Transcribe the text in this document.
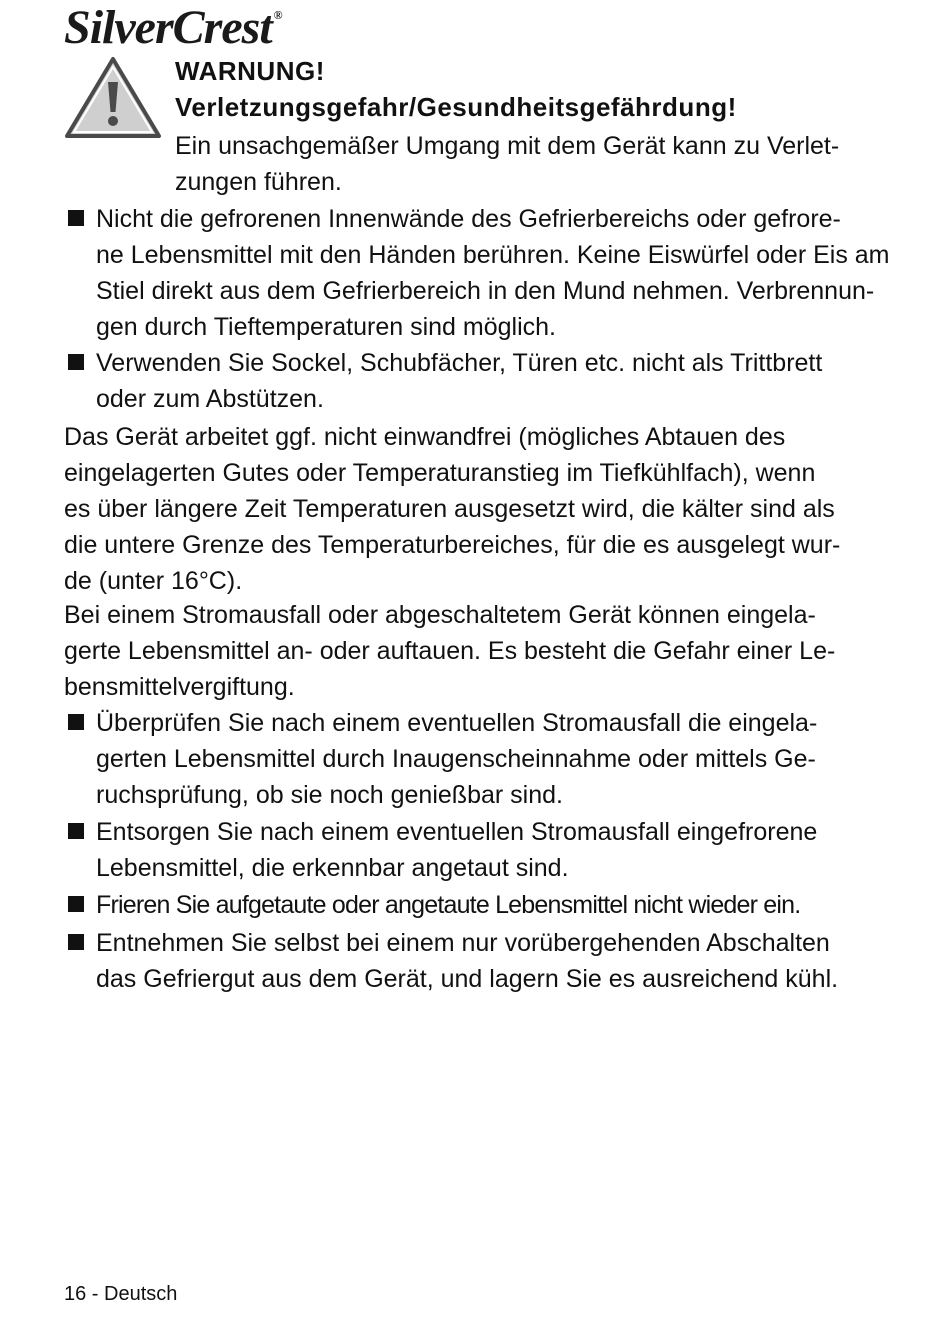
SilverCrest ®
WARNUNG!
Verletzungsgefahr/Gesundheitsgefährdung!
Ein unsachgemäßer Umgang mit dem Gerät kann zu Verlet-
zungen führen.
Nicht die gefrorenen Innenwände des Gefrierbereichs oder gefrore-
ne Lebensmittel mit den Händen berühren. Keine Eiswürfel oder Eis am
Stiel direkt aus dem Gefrierbereich in den Mund nehmen. Verbrennun-
gen durch Tieftemperaturen sind möglich.
Verwenden Sie Sockel, Schubfächer, Türen etc. nicht als Trittbrett
oder zum Abstützen.
Das Gerät arbeitet ggf. nicht einwandfrei (mögliches Abtauen des
eingelagerten Gutes oder Temperaturanstieg im Tiefkühlfach), wenn
es über längere Zeit Temperaturen ausgesetzt wird, die kälter sind als
die untere Grenze des Temperaturbereiches, für die es ausgelegt wur-
de (unter 16°C).
Bei einem Stromausfall oder abgeschaltetem Gerät können eingela-
gerte Lebensmittel an- oder auftauen. Es besteht die Gefahr einer Le-
bensmittelvergiftung.
Überprüfen Sie nach einem eventuellen Stromausfall die eingela-
gerten Lebensmittel durch Inaugenscheinnahme oder mittels Ge-
ruchsprüfung, ob sie noch genießbar sind.
Entsorgen Sie nach einem eventuellen Stromausfall eingefrorene
Lebensmittel, die erkennbar angetaut sind.
Frieren Sie aufgetaute oder angetaute Lebensmittel nicht wieder ein.
Entnehmen Sie selbst bei einem nur vorübergehenden Abschalten
das Gefriergut aus dem Gerät, und lagern Sie es ausreichend kühl.
16 - Deutsch
